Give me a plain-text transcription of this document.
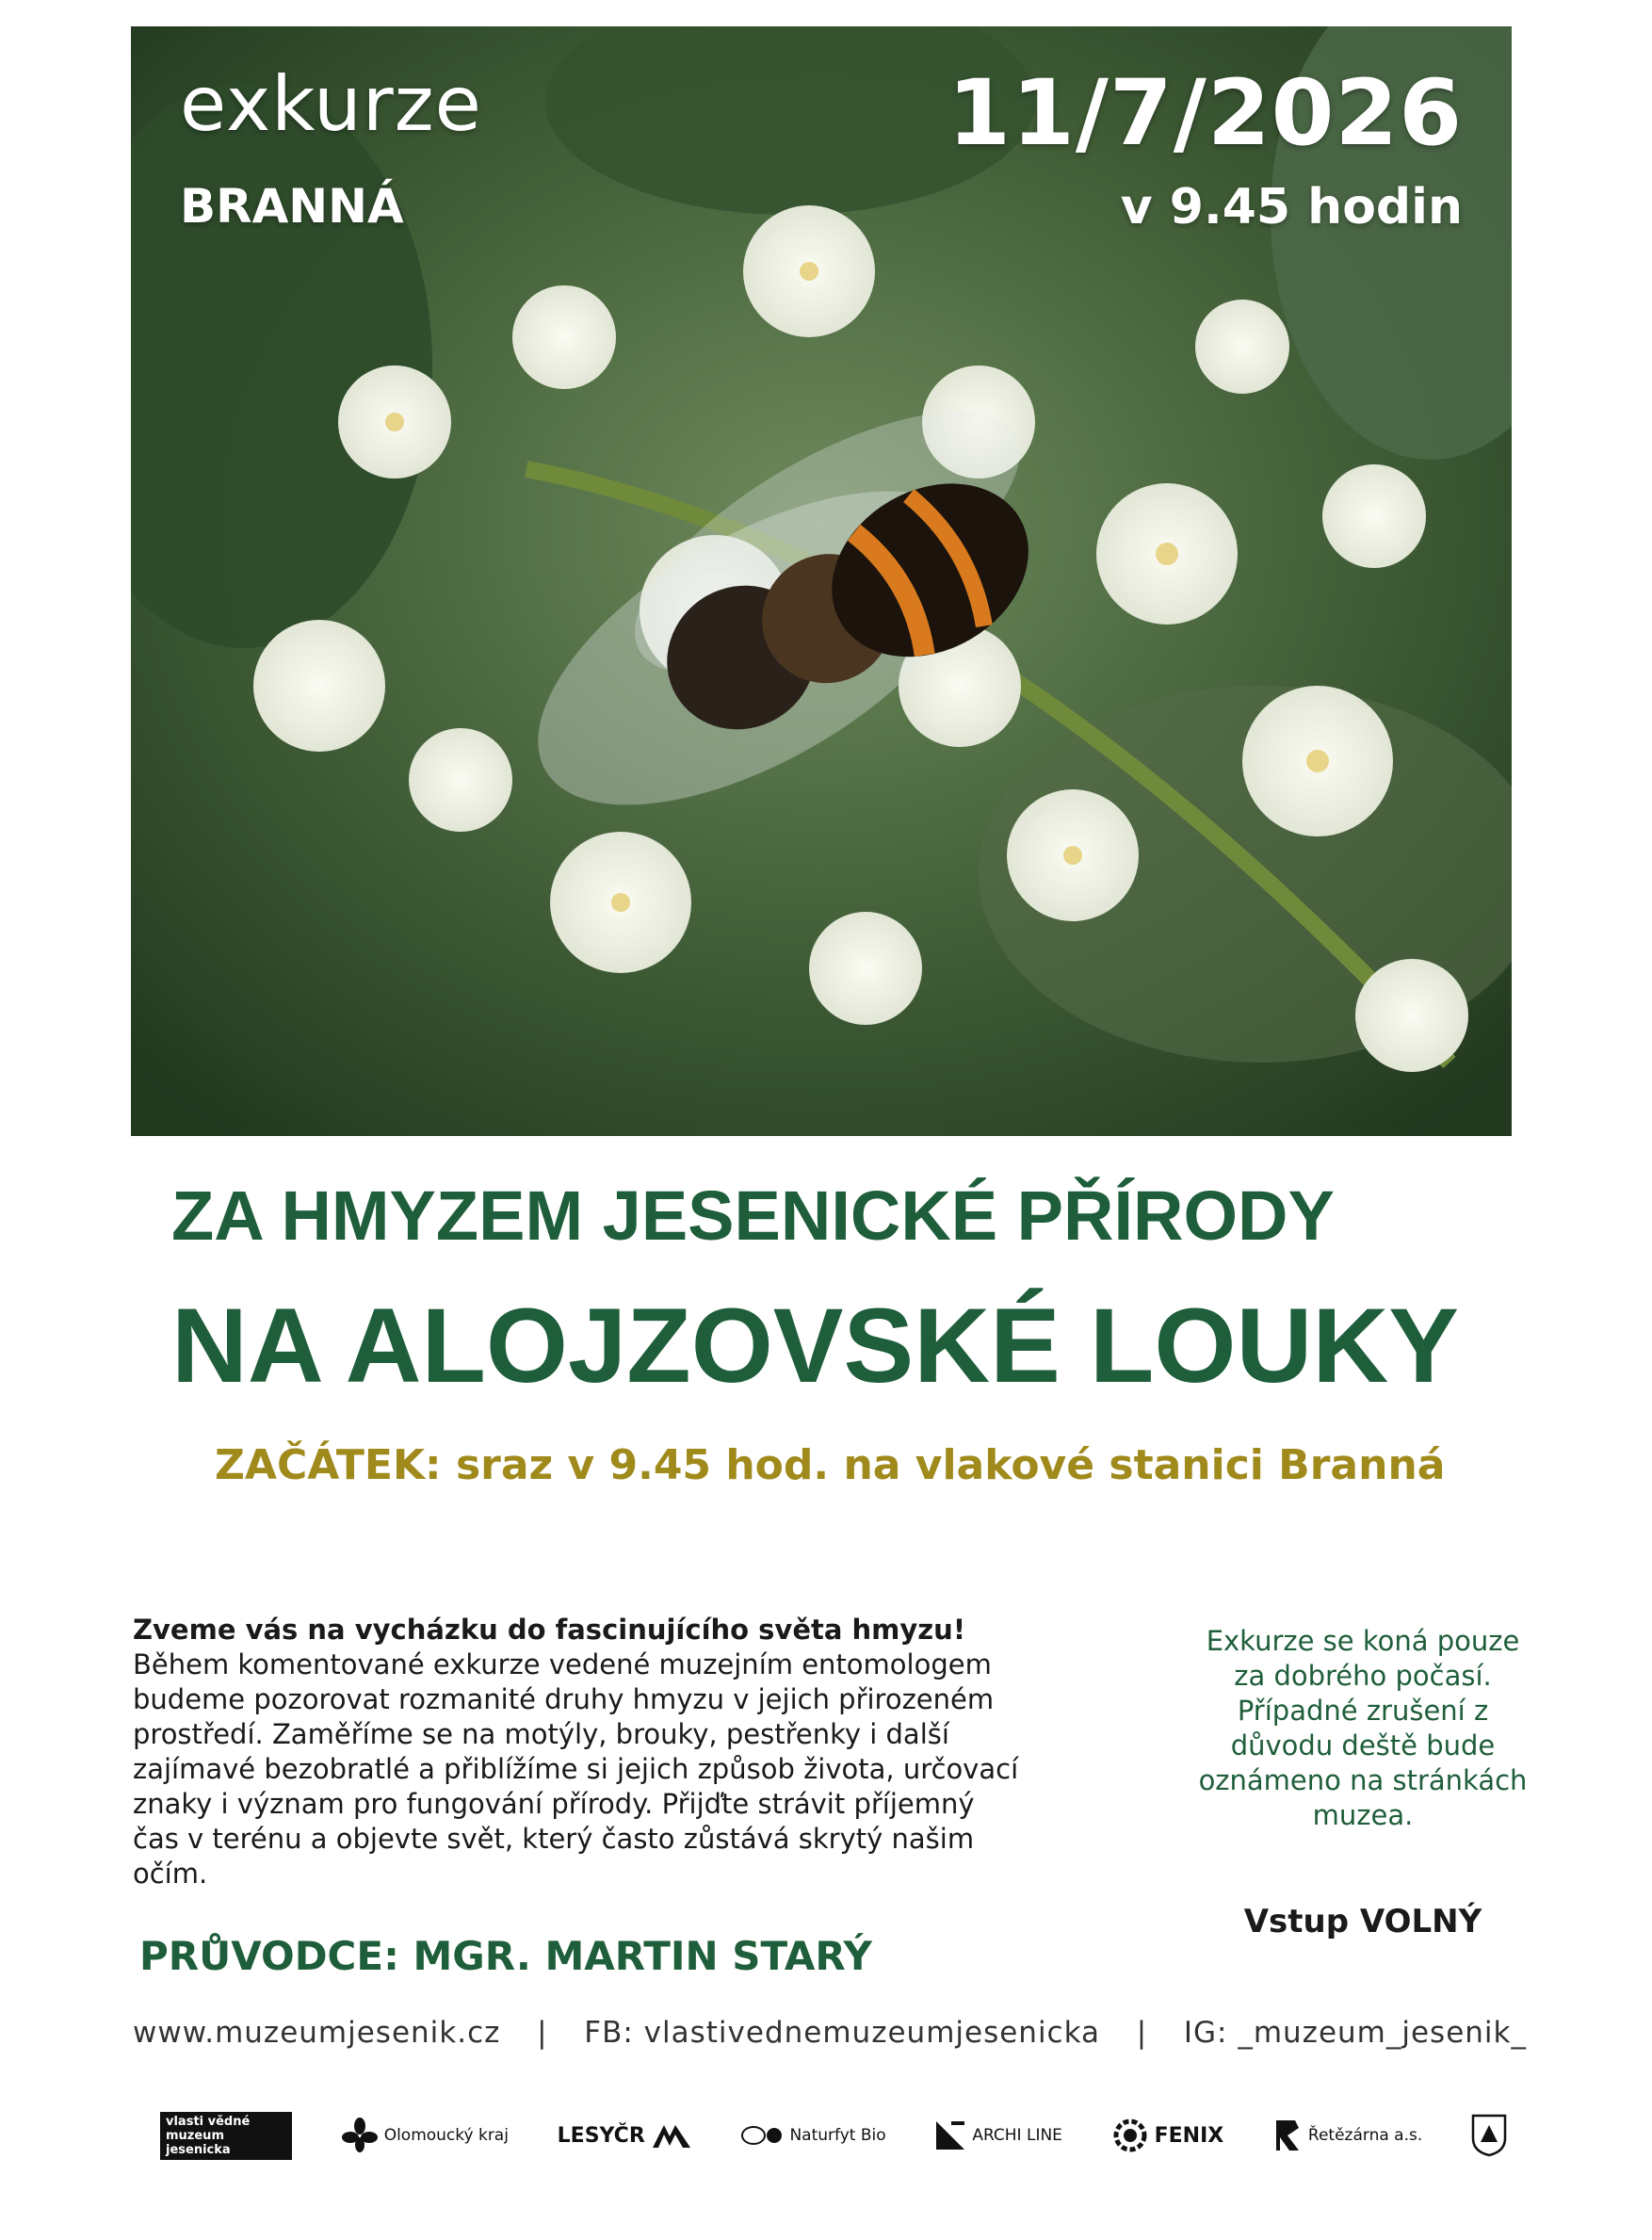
exkurze
BRANNÁ
11/7/2026
v 9.45 hodin
ZA HMYZEM JESENICKÉ PŘÍRODY
NA ALOJZOVSKÉ LOUKY
ZAČÁTEK: sraz v 9.45 hod. na vlakové stanici Branná
Zveme vás na vycházku do fascinujícího světa hmyzu!
Během komentované exkurze vedené muzejním entomologem budeme pozorovat rozmanité druhy hmyzu v jejich přirozeném prostředí. Zaměříme se na motýly, brouky, pestřenky i další zajímavé bezobratlé a přiblížíme si jejich způsob života, určovací znaky i význam pro fungování přírody. Přijďte strávit příjemný čas v terénu a objevte svět, který často zůstává skrytý našim očím.
Exkurze se koná pouze za dobrého počasí. Případné zrušení z důvodu deště bude oznámeno na stránkách muzea.
Vstup VOLNÝ
PRŮVODCE: MGR. MARTIN STARÝ
www.muzeumjesenik.cz | FB: vlastivednemuzeumjesenicka | IG: _muzeum_jesenik_
vlasti vědné muzeum jesenicka
Olomoucký kraj LESYČR	Naturfyt Bio	ARCHI LINE	FENIX	Řetězárna a.s.
